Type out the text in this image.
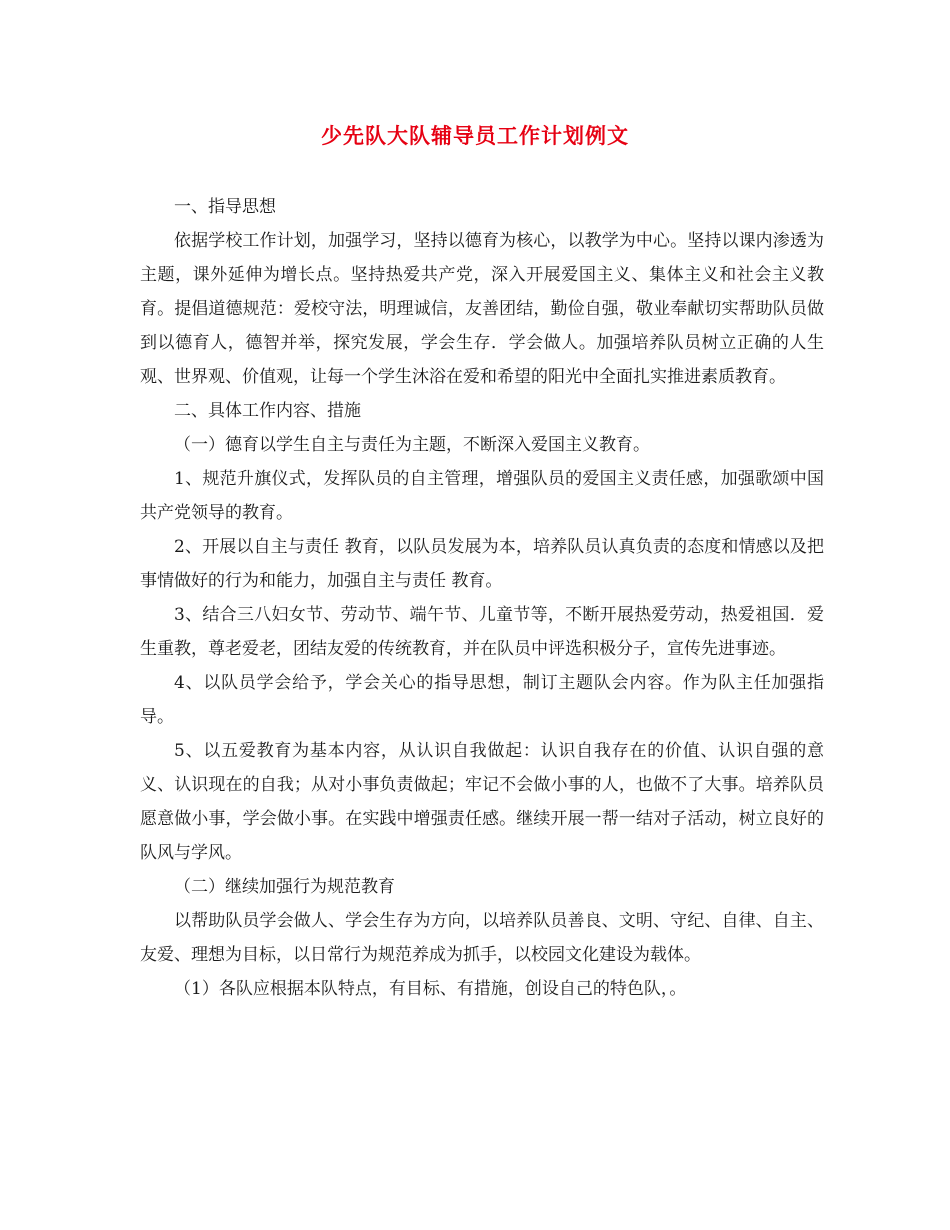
少先队大队辅导员工作计划例文

一、指导思想

依据学校工作计划，加强学习，坚持以德育为核心，以教学为中心。坚持以课内渗透为主题，课外延伸为增长点。坚持热爱共产党，深入开展爱国主义、集体主义和社会主义教育。提倡道德规范：爱校守法，明理诚信，友善团结，勤俭自强，敬业奉献切实帮助队员做到以德育人，德智并举，探究发展，学会生存．学会做人。加强培养队员树立正确的人生观、世界观、价值观，让每一个学生沐浴在爱和希望的阳光中全面扎实推进素质教育。

二、具体工作内容、措施

（一）德育以学生自主与责任为主题，不断深入爱国主义教育。

1、规范升旗仪式，发挥队员的自主管理，增强队员的爱国主义责任感，加强歌颂中国共产党领导的教育。

2、开展以自主与责任 教育，以队员发展为本，培养队员认真负责的态度和情感以及把事情做好的行为和能力，加强自主与责任 教育。

3、结合三八妇女节、劳动节、端午节、儿童节等，不断开展热爱劳动，热爱祖国．爱生重教，尊老爱老，团结友爱的传统教育，并在队员中评选积极分子，宣传先进事迹。

4、以队员学会给予，学会关心的指导思想，制订主题队会内容。作为队主任加强指导。

5、以五爱教育为基本内容，从认识自我做起：认识自我存在的价值、认识自强的意义、认识现在的自我；从对小事负责做起；牢记不会做小事的人，也做不了大事。培养队员愿意做小事，学会做小事。在实践中增强责任感。继续开展一帮一结对子活动，树立良好的队风与学风。

（二）继续加强行为规范教育

以帮助队员学会做人、学会生存为方向，以培养队员善良、文明、守纪、自律、自主、友爱、理想为目标，以日常行为规范养成为抓手，以校园文化建设为载体。

（1）各队应根据本队特点，有目标、有措施，创设自己的特色队，。
